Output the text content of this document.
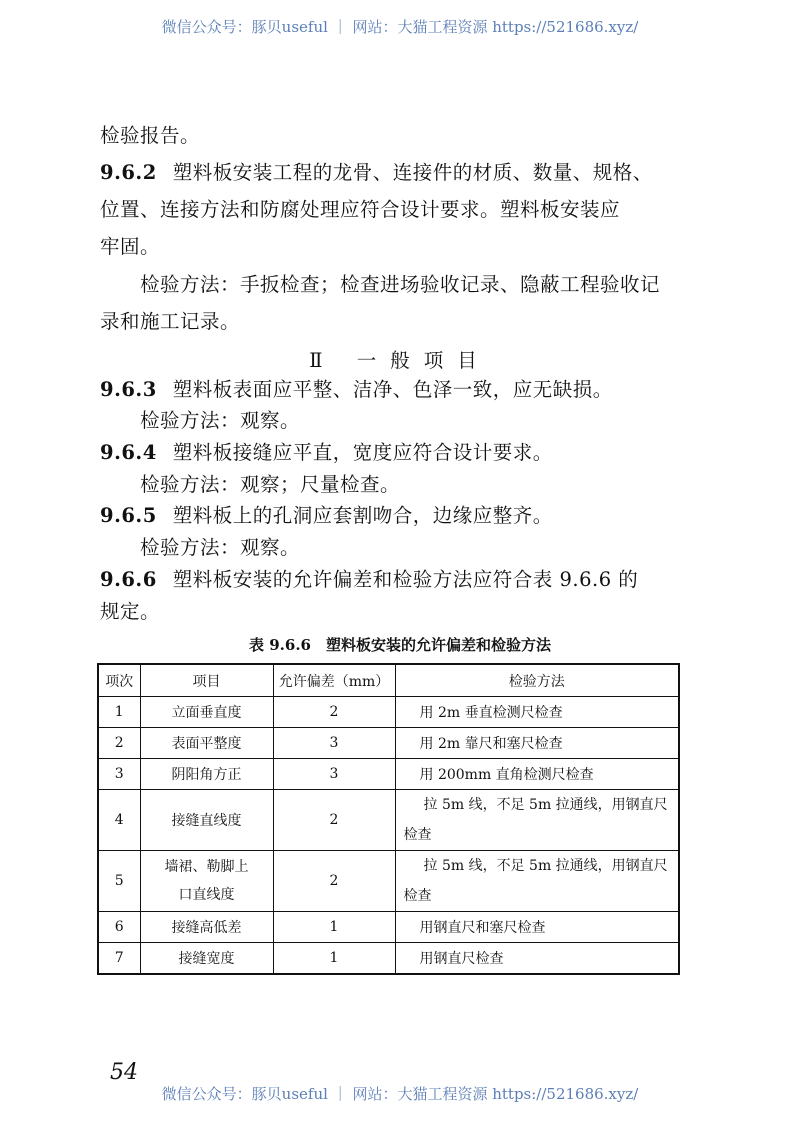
微信公众号：豚贝useful ｜ 网站：大猫工程资源 https://521686.xyz/
检验报告。
9.6.2 塑料板安装工程的龙骨、连接件的材质、数量、规格、
位置、连接方法和防腐处理应符合设计要求。塑料板安装应
牢固。
检验方法：手扳检查；检查进场验收记录、隐蔽工程验收记
录和施工记录。
Ⅱ 一般项目
9.6.3 塑料板表面应平整、洁净、色泽一致，应无缺损。
检验方法：观察。
9.6.4 塑料板接缝应平直，宽度应符合设计要求。
检验方法：观察；尺量检查。
9.6.5 塑料板上的孔洞应套割吻合，边缘应整齐。
检验方法：观察。
9.6.6 塑料板安装的允许偏差和检验方法应符合表 9.6.6 的
规定。
表 9.6.6　塑料板安装的允许偏差和检验方法
项次	项目	允许偏差（mm）	检验方法
1	立面垂直度	2	用 2m 垂直检测尺检查
2	表面平整度	3	用 2m 靠尺和塞尺检查
3	阴阳角方正	3	用 200mm 直角检测尺检查
4	接缝直线度	2	拉 5m 线，不足 5m 拉通线，用钢直尺检查
5	墙裙、勒脚上口直线度	2	拉 5m 线，不足 5m 拉通线，用钢直尺检查
6	接缝高低差	1	用钢直尺和塞尺检查
7	接缝宽度	1	用钢直尺检查
54
微信公众号：豚贝useful ｜ 网站：大猫工程资源 https://521686.xyz/
